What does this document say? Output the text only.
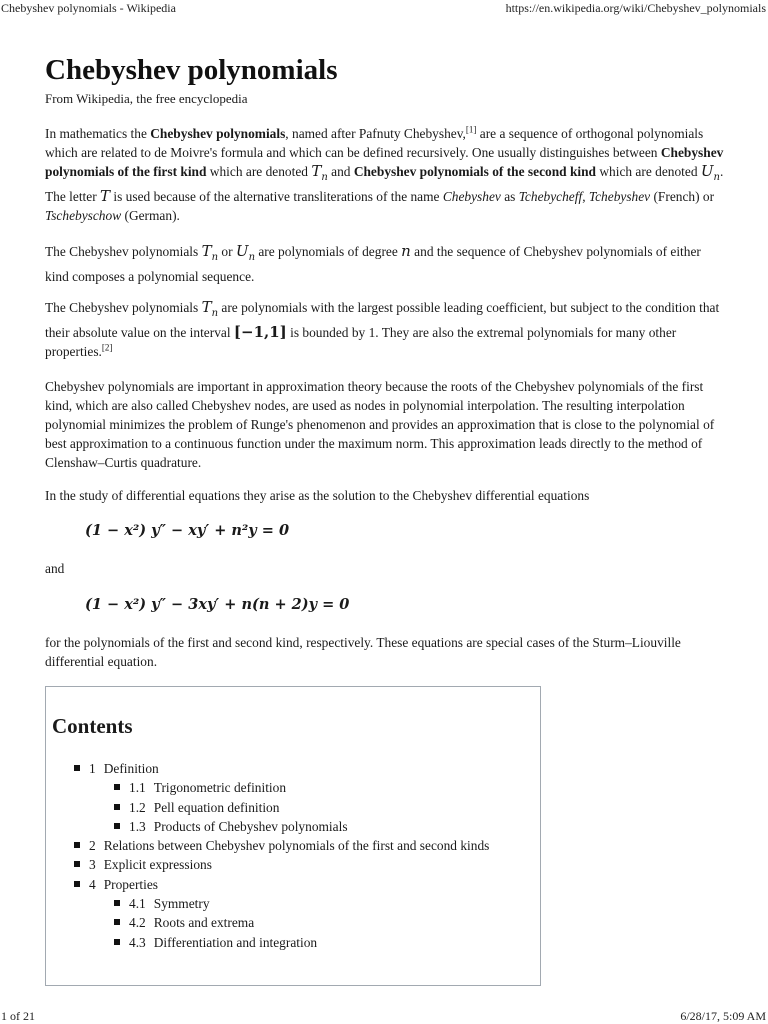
Chebyshev polynomials - Wikipedia	https://en.wikipedia.org/wiki/Chebyshev_polynomials
Chebyshev polynomials

From Wikipedia, the free encyclopedia

In mathematics the Chebyshev polynomials, named after Pafnuty Chebyshev,[1] are a sequence of orthogonal polynomials which are related to de Moivre's formula and which can be defined recursively. One usually distinguishes between Chebyshev polynomials of the first kind which are denoted $T_n$ and Chebyshev polynomials of the second kind which are denoted $U_n$. The letter T is used because of the alternative transliterations of the name Chebyshev as Tchebycheff, Tchebyshev (French) or Tschebyschow (German).

The Chebyshev polynomials $T_n$ or $U_n$ are polynomials of degree n and the sequence of Chebyshev polynomials of either kind composes a polynomial sequence.

The Chebyshev polynomials $T_n$ are polynomials with the largest possible leading coefficient, but subject to the condition that their absolute value on the interval [−1,1] is bounded by 1. They are also the extremal polynomials for many other properties.[2]

Chebyshev polynomials are important in approximation theory because the roots of the Chebyshev polynomials of the first kind, which are also called Chebyshev nodes, are used as nodes in polynomial interpolation. The resulting interpolation polynomial minimizes the problem of Runge's phenomenon and provides an approximation that is close to the polynomial of best approximation to a continuous function under the maximum norm. This approximation leads directly to the method of Clenshaw–Curtis quadrature.

In the study of differential equations they arise as the solution to the Chebyshev differential equations

(1 − x²) y″ − xy′ + n²y = 0

and

(1 − x²) y″ − 3xy′ + n(n + 2)y = 0

for the polynomials of the first and second kind, respectively. These equations are special cases of the Sturm–Liouville differential equation.

Contents
1 Definition
1.1 Trigonometric definition
1.2 Pell equation definition
1.3 Products of Chebyshev polynomials
2 Relations between Chebyshev polynomials of the first and second kinds
3 Explicit expressions
4 Properties
4.1 Symmetry
4.2 Roots and extrema
4.3 Differentiation and integration
1 of 21	6/28/17, 5:09 AM
